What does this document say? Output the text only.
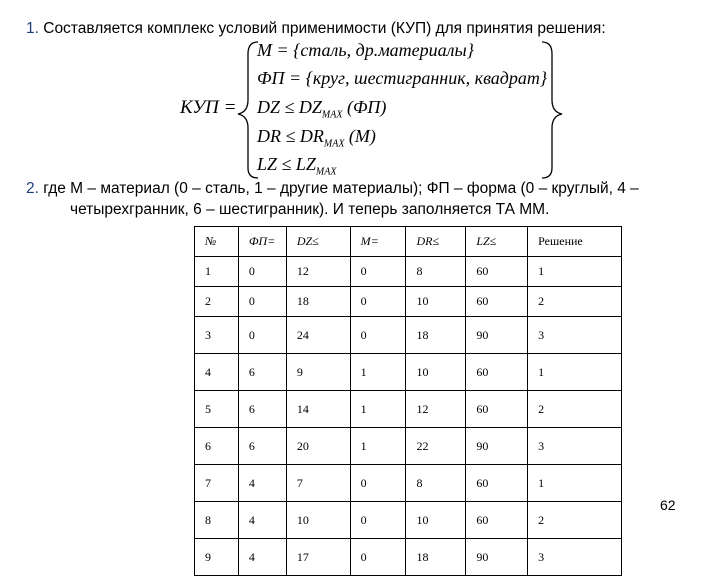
1. Составляется комплекс условий применимости (КУП) для принятия решения:
КУП =
M = {сталь, др.материалы}
ФП = {круг, шестигранник, квадрат}
DZ ≤ $DZ_{MAX}$ (ФП)
DR ≤ $DR_{MAX}$ (M)
LZ ≤ $LZ_{MAX}$
2. где М – материал (0 – сталь, 1 – другие материалы); ФП – форма (0 – круглый, 4 –
четырехгранник, 6 – шестигранник). И теперь заполняется ТА ММ.
№	ФП=	DZ≤	M=	DR≤	LZ≤	Решение
1	0	12	0	8	60	1
2	0	18	0	10	60	2
3	0	24	0	18	90	3
4	6	9	1	10	60	1
5	6	14	1	12	60	2
6	6	20	1	22	90	3
7	4	7	0	8	60	1
8	4	10	0	10	60	2
9	4	17	0	18	90	3
62
